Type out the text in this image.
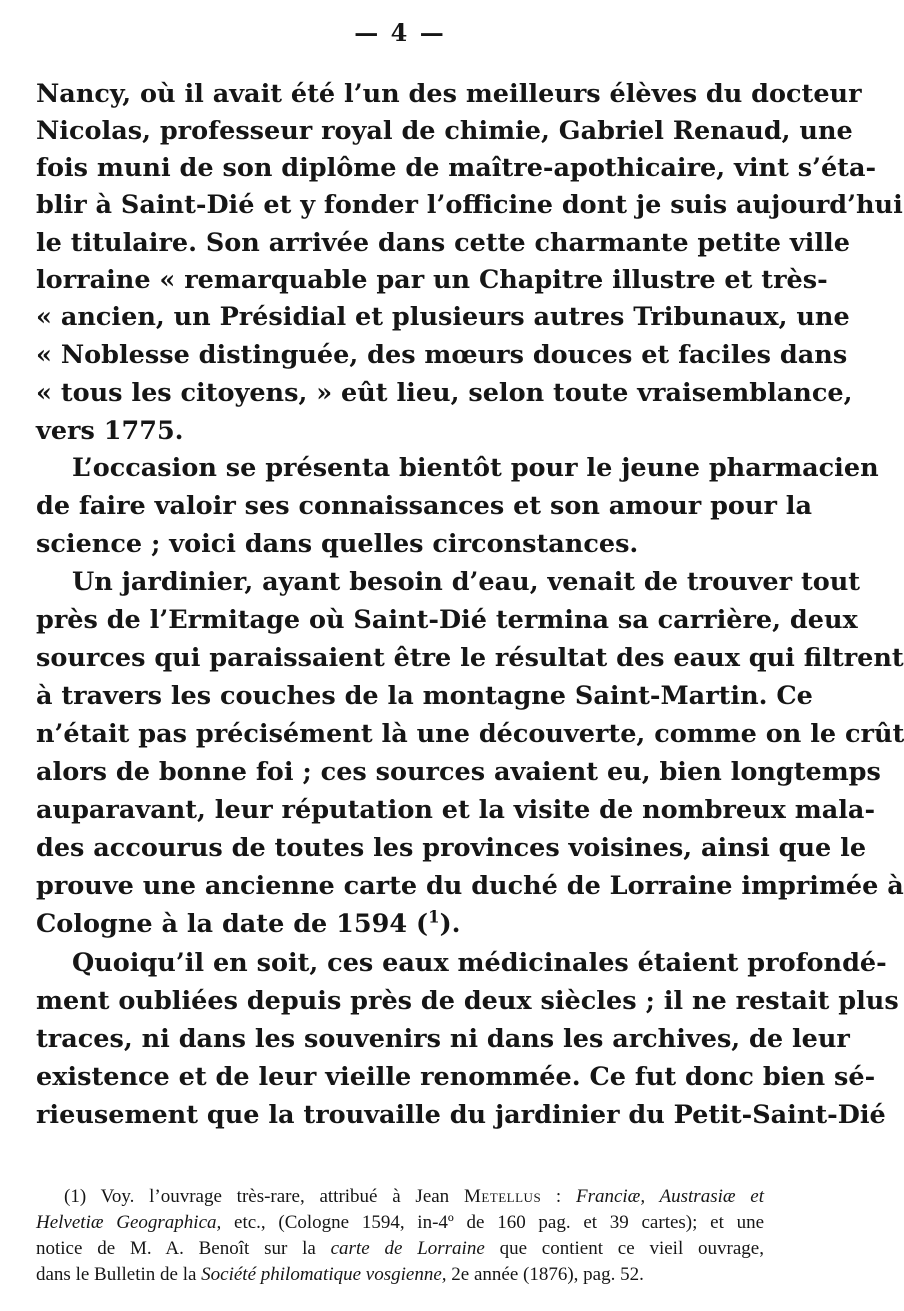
— 4 —
Nancy, où il avait été l’un des meilleurs élèves du docteur
Nicolas, professeur royal de chimie, Gabriel Renaud, une
fois muni de son diplôme de maître-apothicaire, vint s’éta-
blir à Saint-Dié et y fonder l’officine dont je suis aujourd’hui
le titulaire. Son arrivée dans cette charmante petite ville
lorraine « remarquable par un Chapitre illustre et très-
« ancien, un Présidial et plusieurs autres Tribunaux, une
« Noblesse distinguée, des mœurs douces et faciles dans
« tous les citoyens, » eût lieu, selon toute vraisemblance,
vers 1775.
L’occasion se présenta bientôt pour le jeune pharmacien
de faire valoir ses connaissances et son amour pour la
science ; voici dans quelles circonstances.
Un jardinier, ayant besoin d’eau, venait de trouver tout
près de l’Ermitage où Saint-Dié termina sa carrière, deux
sources qui paraissaient être le résultat des eaux qui filtrent
à travers les couches de la montagne Saint-Martin. Ce
n’était pas précisément là une découverte, comme on le crût
alors de bonne foi ; ces sources avaient eu, bien longtemps
auparavant, leur réputation et la visite de nombreux mala-
des accourus de toutes les provinces voisines, ainsi que le
prouve une ancienne carte du duché de Lorraine imprimée à
Cologne à la date de 1594 ($^1$).
Quoiqu’il en soit, ces eaux médicinales étaient profondé-
ment oubliées depuis près de deux siècles ; il ne restait plus
traces, ni dans les souvenirs ni dans les archives, de leur
existence et de leur vieille renommée. Ce fut donc bien sé-
rieusement que la trouvaille du jardinier du Petit-Saint-Dié
(1) Voy. l’ouvrage très-rare, attribué à Jean Metellus : Franciæ, Austrasiæ et
Helvetiæ Geographica, etc., (Cologne 1594, in-4º de 160 pag. et 39 cartes); et une
notice de M. A. Benoît sur la carte de Lorraine que contient ce vieil ouvrage,
dans le Bulletin de la Société philomatique vosgienne, 2e année (1876), pag. 52.
